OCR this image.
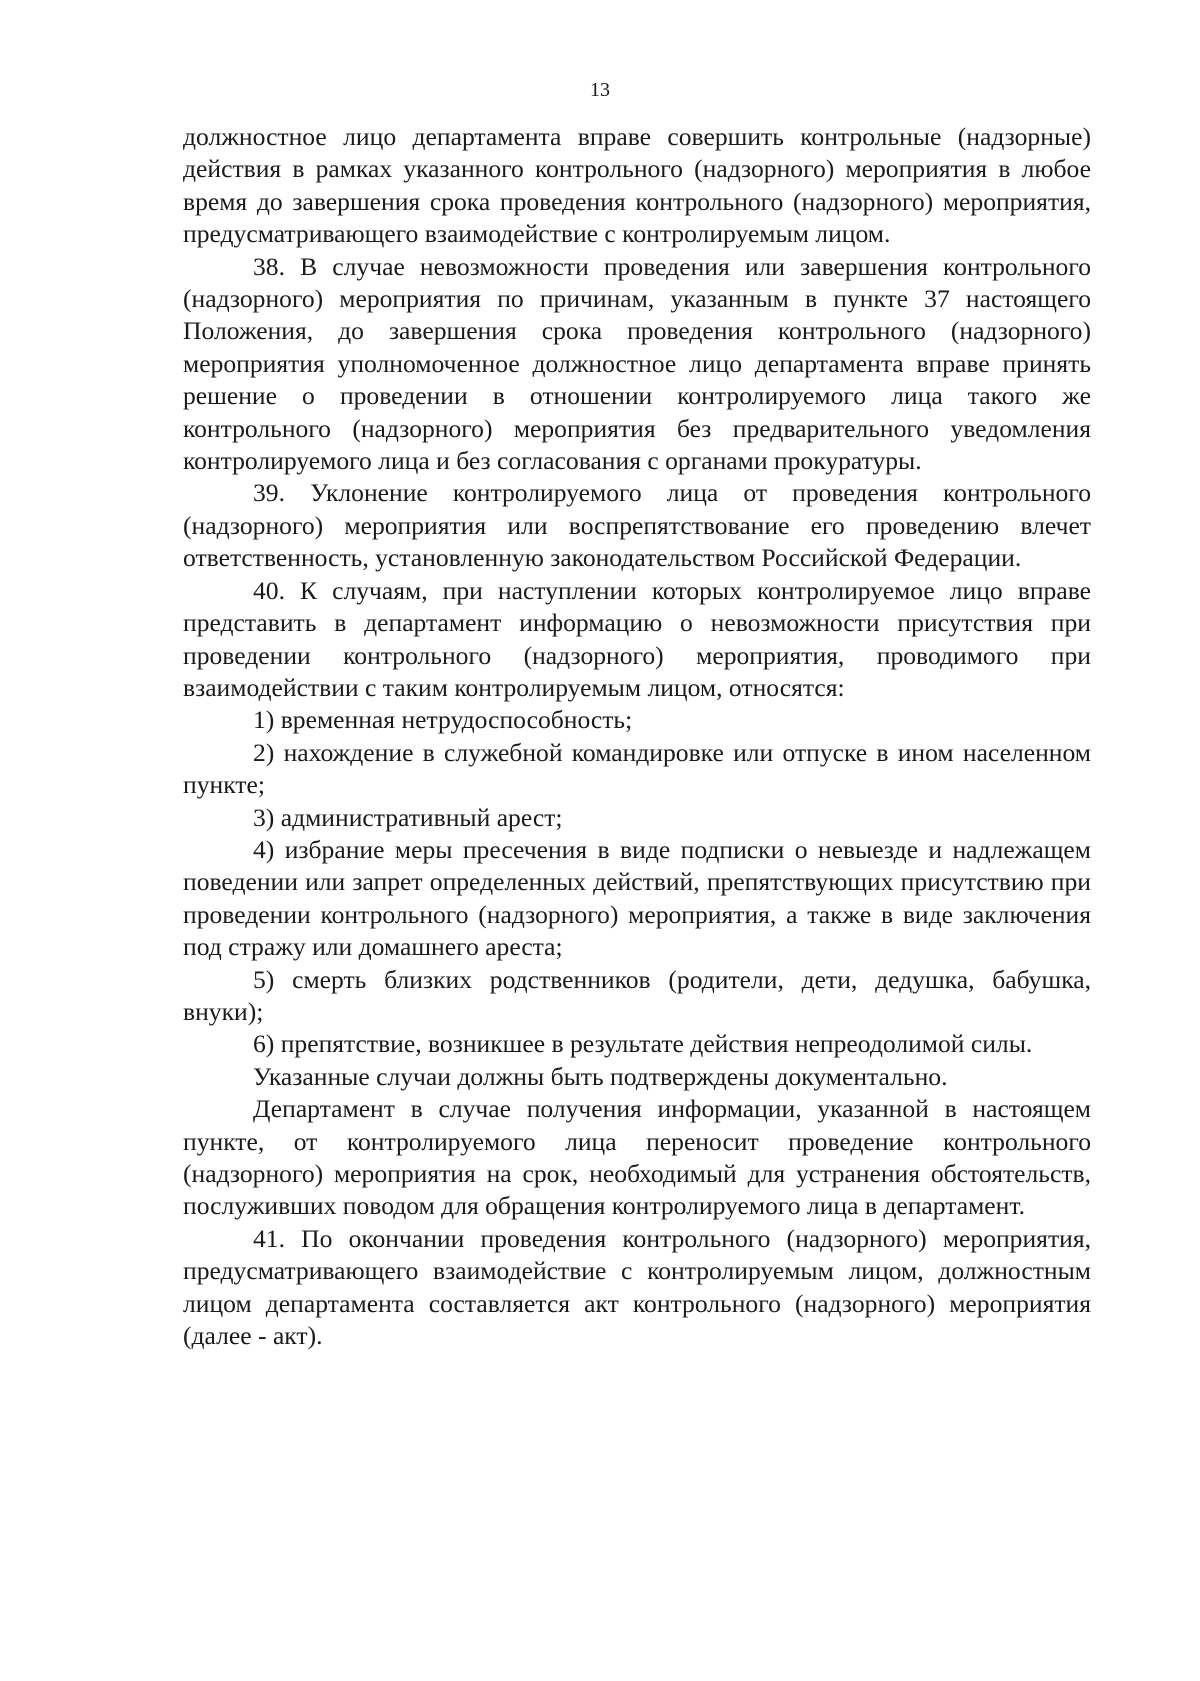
13

должностное лицо департамента вправе совершить контрольные (надзорные) действия в рамках указанного контрольного (надзорного) мероприятия в любое время до завершения срока проведения контрольного (надзорного) мероприятия, предусматривающего взаимодействие с контролируемым лицом.

38. В случае невозможности проведения или завершения контрольного (надзорного) мероприятия по причинам, указанным в пункте 37 настоящего Положения, до завершения срока проведения контрольного (надзорного) мероприятия уполномоченное должностное лицо департамента вправе принять решение о проведении в отношении контролируемого лица такого же контрольного (надзорного) мероприятия без предварительного уведомления контролируемого лица и без согласования с органами прокуратуры.

39. Уклонение контролируемого лица от проведения контрольного (надзорного) мероприятия или воспрепятствование его проведению влечет ответственность, установленную законодательством Российской Федерации.

40. К случаям, при наступлении которых контролируемое лицо вправе представить в департамент информацию о невозможности присутствия при проведении контрольного (надзорного) мероприятия, проводимого при взаимодействии с таким контролируемым лицом, относятся:

1) временная нетрудоспособность;

2) нахождение в служебной командировке или отпуске в ином населенном пункте;

3) административный арест;

4) избрание меры пресечения в виде подписки о невыезде и надлежащем поведении или запрет определенных действий, препятствующих присутствию при проведении контрольного (надзорного) мероприятия, а также в виде заключения под стражу или домашнего ареста;

5) смерть близких родственников (родители, дети, дедушка, бабушка, внуки);

6) препятствие, возникшее в результате действия непреодолимой силы.

Указанные случаи должны быть подтверждены документально.

Департамент в случае получения информации, указанной в настоящем пункте, от контролируемого лица переносит проведение контрольного (надзорного) мероприятия на срок, необходимый для устранения обстоятельств, послуживших поводом для обращения контролируемого лица в департамент.

41. По окончании проведения контрольного (надзорного) мероприятия, предусматривающего взаимодействие с контролируемым лицом, должностным лицом департамента составляется акт контрольного (надзорного) мероприятия (далее - акт).
